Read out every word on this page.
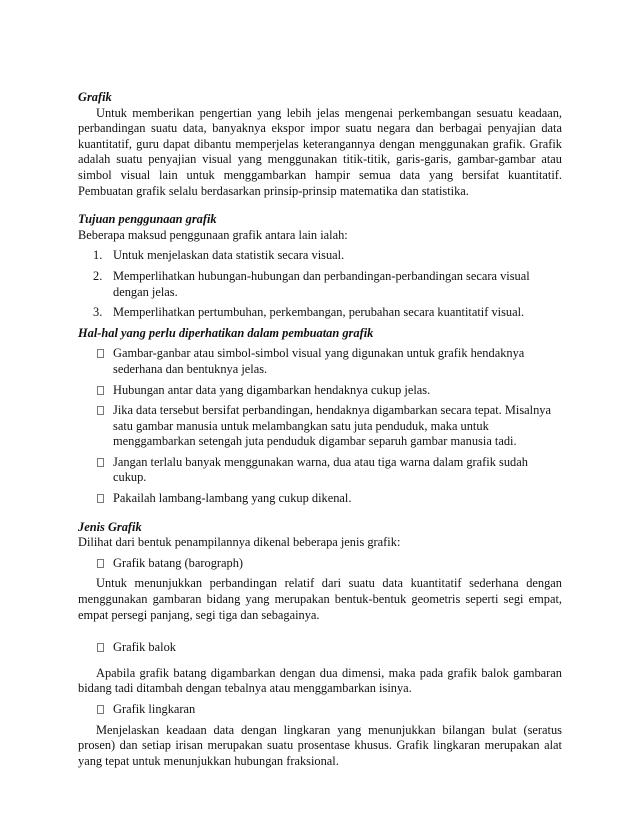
Grafik

Untuk memberikan pengertian yang lebih jelas mengenai perkembangan sesuatu keadaan, perbandingan suatu data, banyaknya ekspor impor suatu negara dan berbagai penyajian data kuantitatif, guru dapat dibantu memperjelas keterangannya dengan menggunakan grafik. Grafik adalah suatu penyajian visual yang menggunakan titik-titik, garis-garis, gambar-gambar atau simbol visual lain untuk menggambarkan hampir semua data yang bersifat kuantitatif. Pembuatan grafik selalu berdasarkan prinsip-prinsip matematika dan statistika.

Tujuan penggunaan grafik

Beberapa maksud penggunaan grafik antara lain ialah:

1. Untuk menjelaskan data statistik secara visual.
2. Memperlihatkan hubungan-hubungan dan perbandingan-perbandingan secara visual dengan jelas.
3. Memperlihatkan pertumbuhan, perkembangan, perubahan secara kuantitatif visual.
Hal-hal yang perlu diperhatikan dalam pembuatan grafik
Gambar-ganbar atau simbol-simbol visual yang digunakan untuk grafik hendaknya sederhana dan bentuknya jelas.
Hubungan antar data yang digambarkan hendaknya cukup jelas.
Jika data tersebut bersifat perbandingan, hendaknya digambarkan secara tepat. Misalnya satu gambar manusia untuk melambangkan satu juta penduduk, maka untuk menggambarkan setengah juta penduduk digambar separuh gambar manusia tadi.
Jangan terlalu banyak menggunakan warna, dua atau tiga warna dalam grafik sudah cukup.
Pakailah lambang-lambang yang cukup dikenal.
Jenis Grafik

Dilihat dari bentuk penampilannya dikenal beberapa jenis grafik:

Grafik batang (barograph)

Untuk menunjukkan perbandingan relatif dari suatu data kuantitatif sederhana dengan menggunakan gambaran bidang yang merupakan bentuk-bentuk geometris seperti segi empat, empat persegi panjang, segi tiga dan sebagainya.

Grafik balok

Apabila grafik batang digambarkan dengan dua dimensi, maka pada grafik balok gambaran bidang tadi ditambah dengan tebalnya atau menggambarkan isinya.

Grafik lingkaran

Menjelaskan keadaan data dengan lingkaran yang menunjukkan bilangan bulat (seratus prosen) dan setiap irisan merupakan suatu prosentase khusus. Grafik lingkaran merupakan alat yang tepat untuk menunjukkan hubungan fraksional.
